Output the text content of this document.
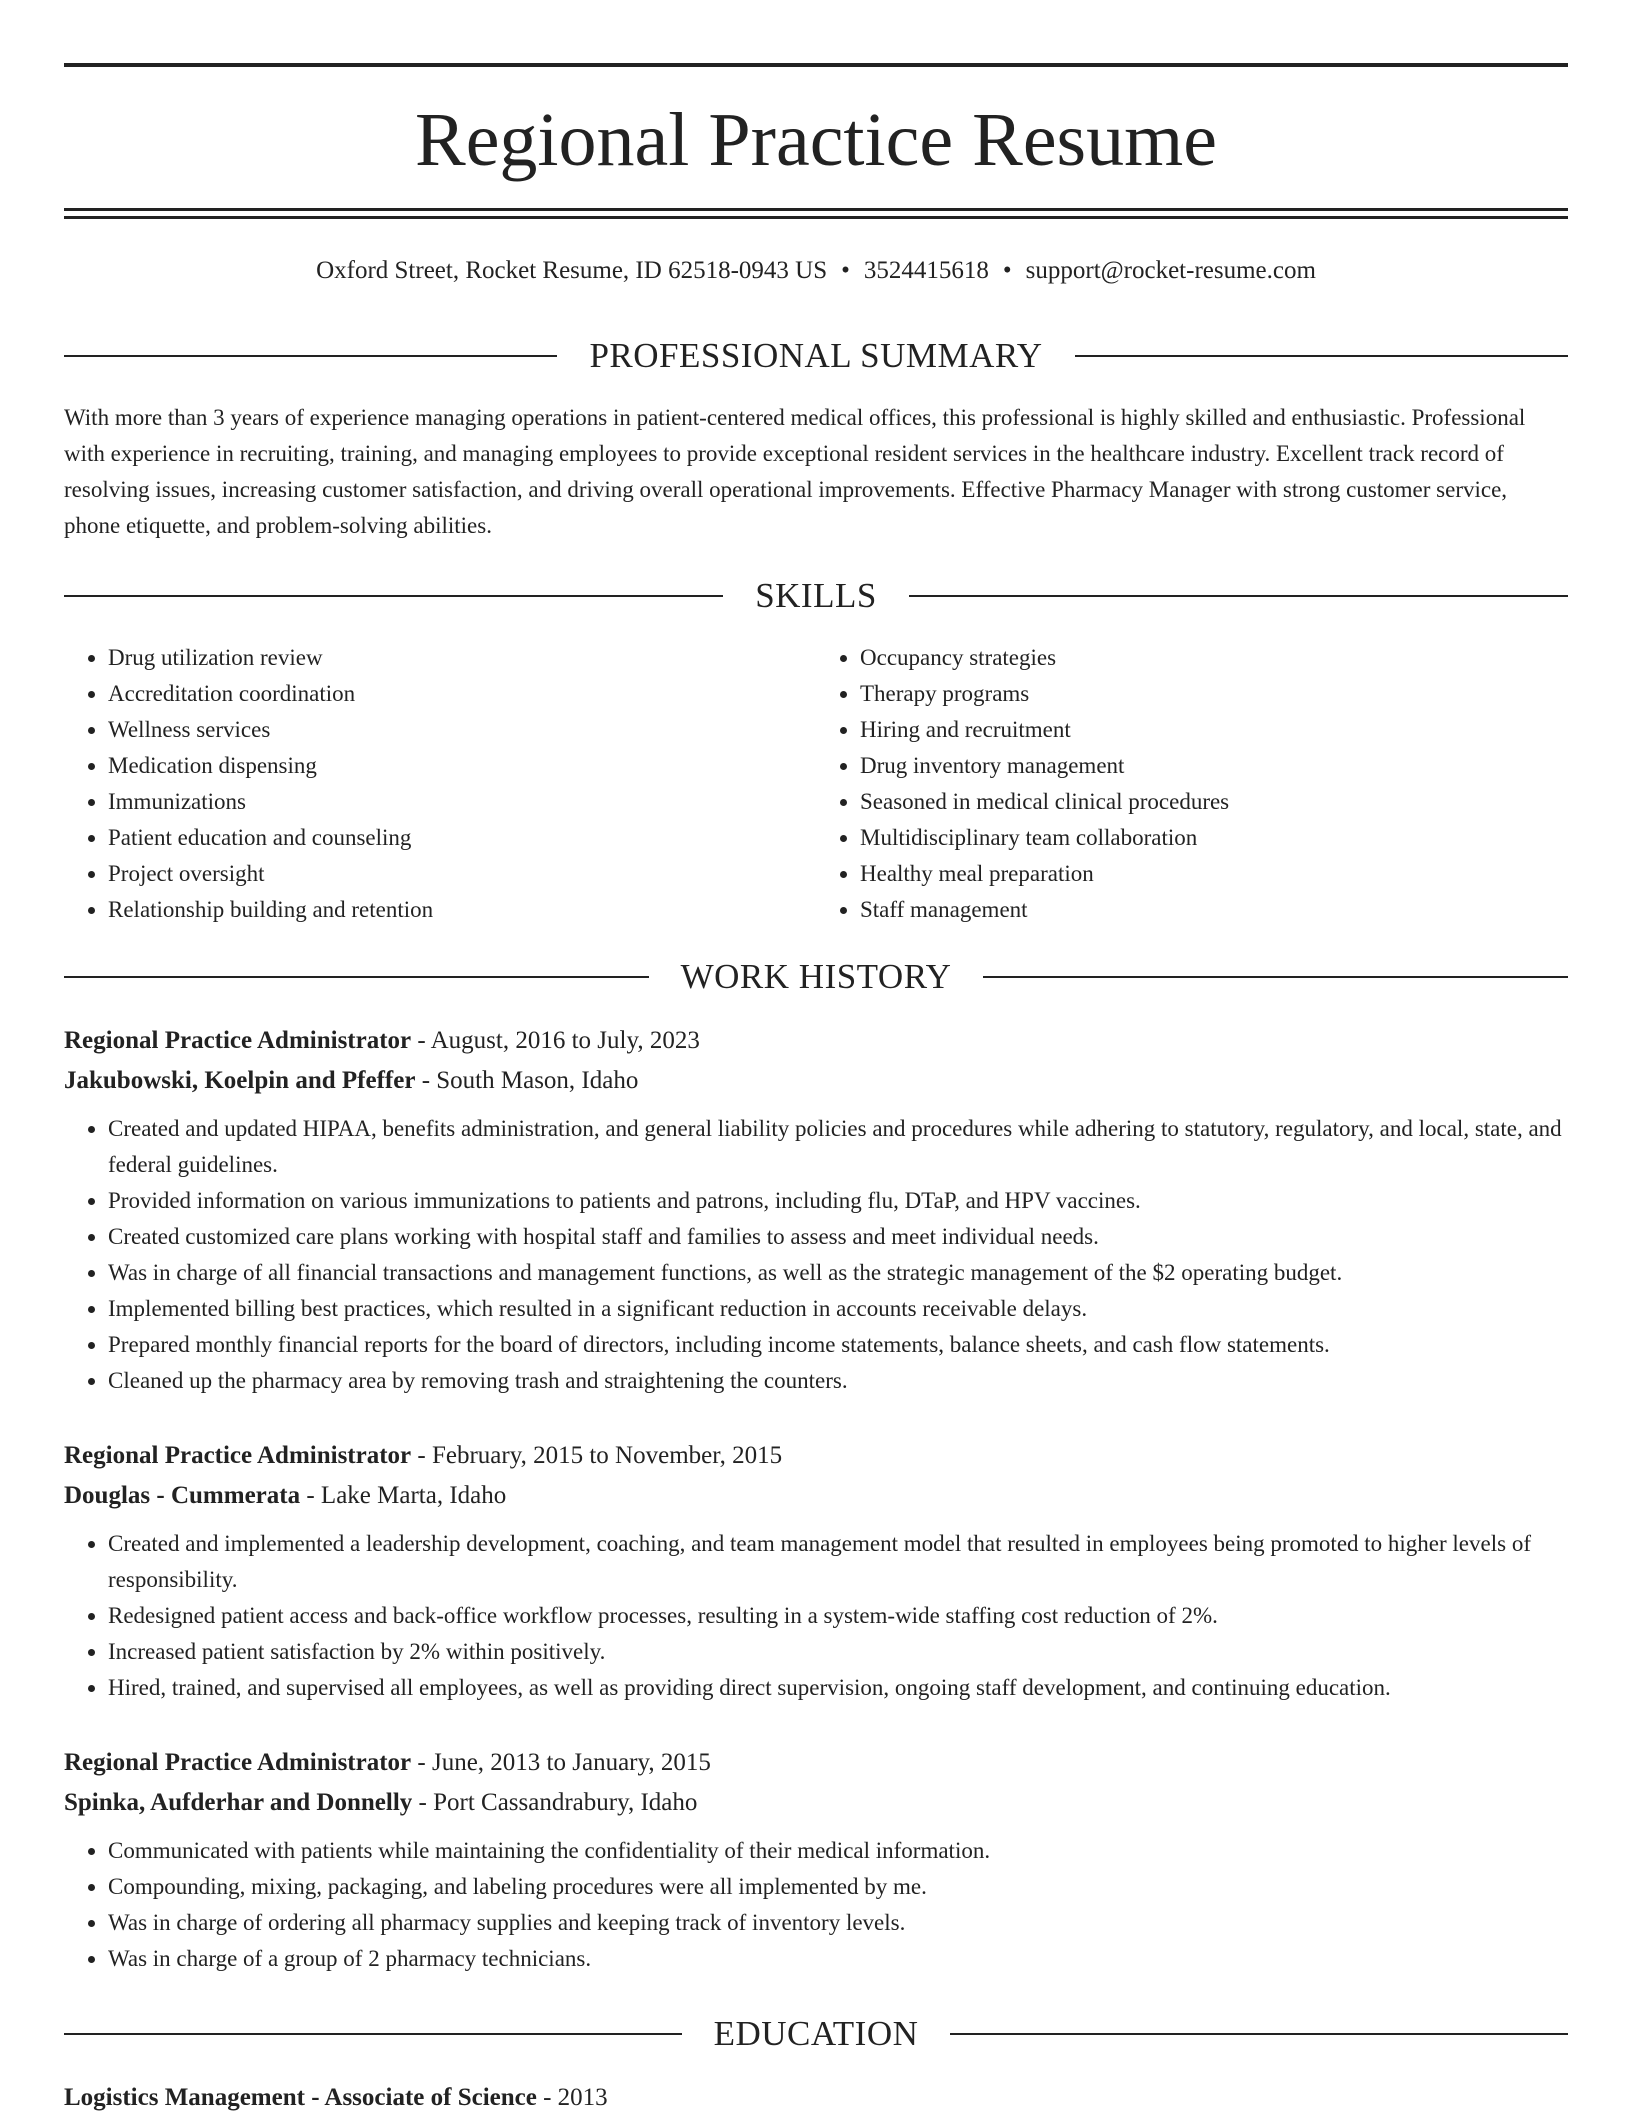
Regional Practice Resume
Oxford Street, Rocket Resume, ID 62518-0943 US • 3524415618 • support@rocket-resume.com
PROFESSIONAL SUMMARY

With more than 3 years of experience managing operations in patient-centered medical offices, this professional is highly skilled and enthusiastic. Professional with experience in recruiting, training, and managing employees to provide exceptional resident services in the healthcare industry. Excellent track record of resolving issues, increasing customer satisfaction, and driving overall operational improvements. Effective Pharmacy Manager with strong customer service, phone etiquette, and problem-solving abilities.

SKILLS
• Drug utilization review
• Accreditation coordination
• Wellness services
• Medication dispensing
• Immunizations
• Patient education and counseling
• Project oversight
• Relationship building and retention
• Occupancy strategies
• Therapy programs
• Hiring and recruitment
• Drug inventory management
• Seasoned in medical clinical procedures
• Multidisciplinary team collaboration
• Healthy meal preparation
• Staff management
WORK HISTORY
Regional Practice Administrator - August, 2016 to July, 2023
Jakubowski, Koelpin and Pfeffer - South Mason, Idaho
• Created and updated HIPAA, benefits administration, and general liability policies and procedures while adhering to statutory, regulatory, and local, state, and federal guidelines.
• Provided information on various immunizations to patients and patrons, including flu, DTaP, and HPV vaccines.
• Created customized care plans working with hospital staff and families to assess and meet individual needs.
• Was in charge of all financial transactions and management functions, as well as the strategic management of the $2 operating budget.
• Implemented billing best practices, which resulted in a significant reduction in accounts receivable delays.
• Prepared monthly financial reports for the board of directors, including income statements, balance sheets, and cash flow statements.
• Cleaned up the pharmacy area by removing trash and straightening the counters.
Regional Practice Administrator - February, 2015 to November, 2015
Douglas - Cummerata - Lake Marta, Idaho
• Created and implemented a leadership development, coaching, and team management model that resulted in employees being promoted to higher levels of responsibility.
• Redesigned patient access and back-office workflow processes, resulting in a system-wide staffing cost reduction of 2%.
• Increased patient satisfaction by 2% within positively.
• Hired, trained, and supervised all employees, as well as providing direct supervision, ongoing staff development, and continuing education.
Regional Practice Administrator - June, 2013 to January, 2015
Spinka, Aufderhar and Donnelly - Port Cassandrabury, Idaho
• Communicated with patients while maintaining the confidentiality of their medical information.
• Compounding, mixing, packaging, and labeling procedures were all implemented by me.
• Was in charge of ordering all pharmacy supplies and keeping track of inventory levels.
• Was in charge of a group of 2 pharmacy technicians.
EDUCATION
Logistics Management - Associate of Science - 2013
